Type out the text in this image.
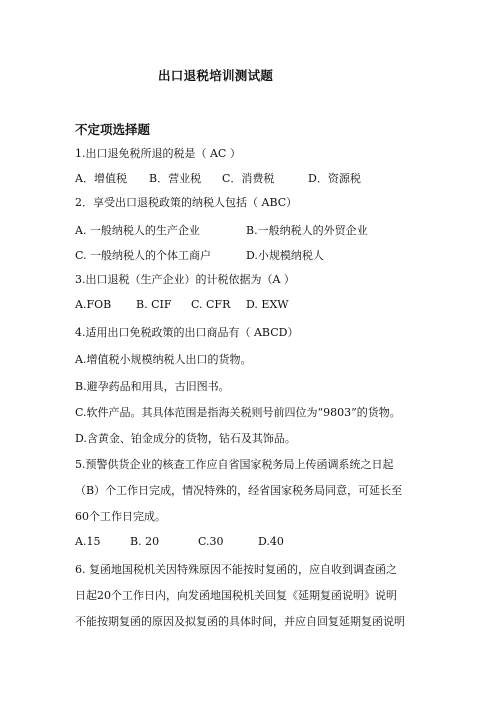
出口退税培训测试题
不定项选择题
1.出口退免税所退的税是（ AC ）
A．增值税 B．营业税 C．消费税	D．资源税
2．享受出口退税政策的纳税人包括（ ABC）
A. 一般纳税人的生产企业	B.一般纳税人的外贸企业
C. 一般纳税人的个体工商户	D.小规模纳税人
3.出口退税（生产企业）的计税依据为（A ）
A.FOB B. CIF C. CFR D. EXW
4.适用出口免税政策的出口商品有（ ABCD）
A.增值税小规模纳税人出口的货物。
B.避孕药品和用具，古旧图书。
C.软件产品。其具体范围是指海关税则号前四位为“9803”的货物。
D.含黄金、铂金成分的货物，钻石及其饰品。
5.预警供货企业的核查工作应自省国家税务局上传函调系统之日起
（B）个工作日完成，情况特殊的，经省国家税务局同意，可延长至
60个工作日完成。
A.15	B. 20	C.30	D.40
6. 复函地国税机关因特殊原因不能按时复函的，应自收到调查函之
日起20个工作日内，向发函地国税机关回复《延期复函说明》说明
不能按期复函的原因及拟复函的具体时间，并应自回复延期复函说明
